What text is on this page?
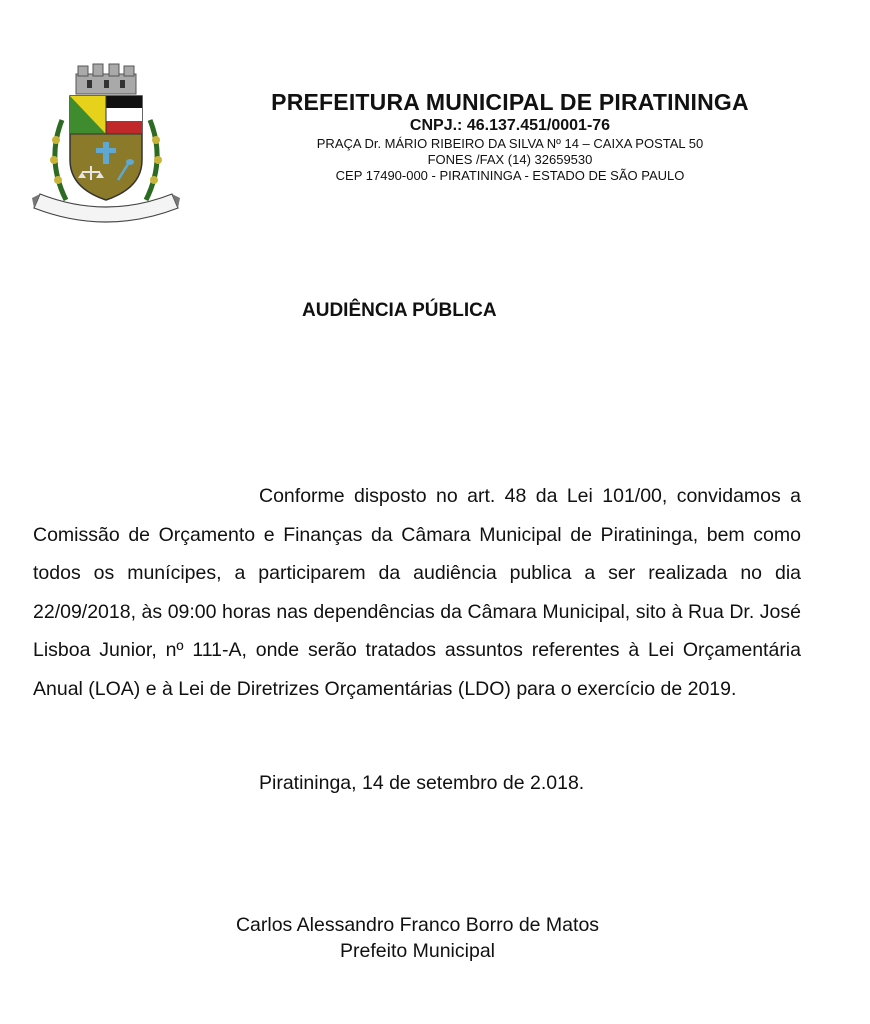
PREFEITURA MUNICIPAL DE PIRATININGA
CNPJ.: 46.137.451/0001-76
PRAÇA Dr. MÁRIO RIBEIRO DA SILVA Nº 14 – CAIXA POSTAL 50
FONES /FAX (14) 32659530
CEP 17490-000 - PIRATININGA - ESTADO DE SÃO PAULO
AUDIÊNCIA PÚBLICA
Conforme disposto no art. 48 da Lei 101/00, convidamos a Comissão de Orçamento e Finanças da Câmara Municipal de Piratininga, bem como todos os munícipes, a participarem da audiência publica a ser realizada no dia 22/09/2018, às 09:00 horas nas dependências da Câmara Municipal, sito à Rua Dr. José Lisboa Junior, nº 111-A, onde serão tratados assuntos referentes à Lei Orçamentária Anual (LOA) e à Lei de Diretrizes Orçamentárias (LDO) para o exercício de 2019.
Piratininga, 14 de setembro de 2.018.
Carlos Alessandro Franco Borro de Matos
Prefeito Municipal
